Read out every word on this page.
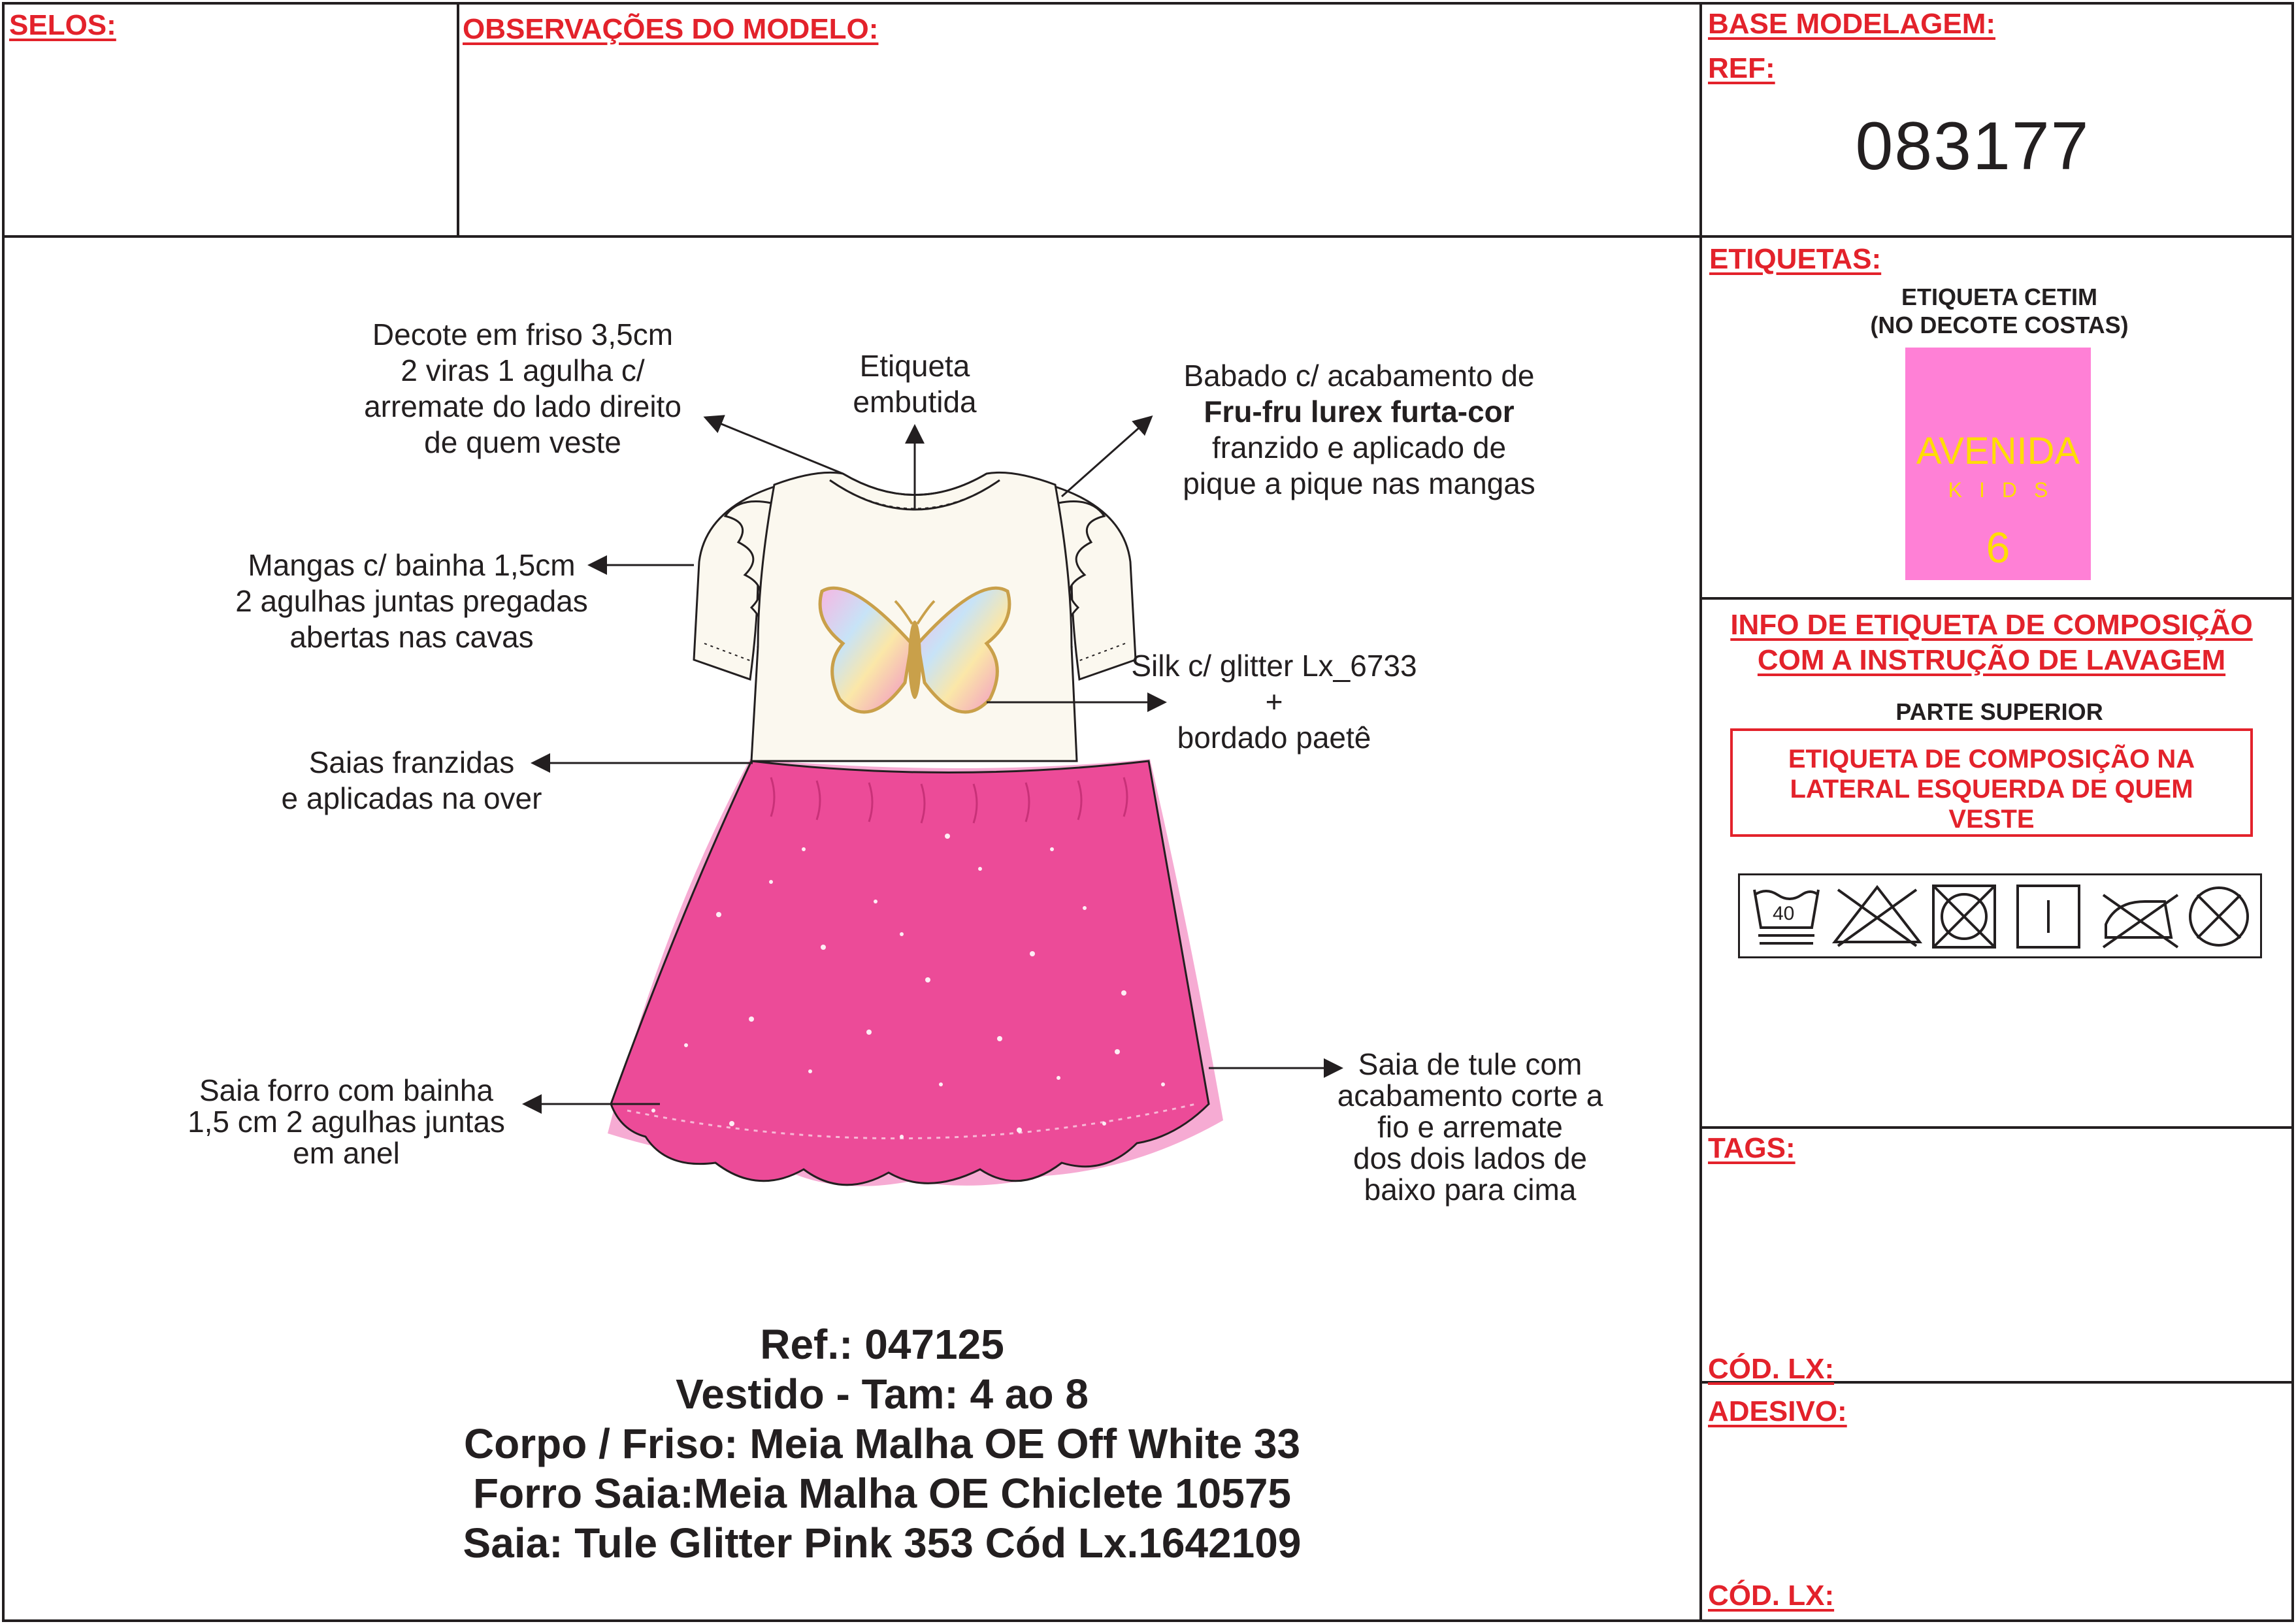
SELOS:	OBSERVAÇÕES DO MODELO:	BASE MODELAGEM:
REF:
083177
Decote em friso 3,5cm
2 viras 1 agulha c/
arremate do lado direito
de quem veste
Etiqueta
embutida
Babado c/ acabamento de
Fru-fru lurex furta-cor
franzido e aplicado de
pique a pique nas mangas
Mangas c/ bainha 1,5cm
2 agulhas juntas pregadas
abertas nas cavas
Silk c/ glitter Lx_6733
+
bordado paetê
Saias franzidas
e aplicadas na over
Saia forro com bainha
1,5 cm 2 agulhas juntas
em anel
Saia de tule com
acabamento corte a
fio e arremate
dos dois lados de
baixo para cima
Ref.: 047125
Vestido - Tam: 4 ao 8
Corpo / Friso: Meia Malha OE Off White 33
Forro Saia:Meia Malha OE Chiclete 10575
Saia: Tule Glitter Pink 353 Cód Lx.1642109
ETIQUETAS:
ETIQUETA CETIM
(NO DECOTE COSTAS)
AVENIDA
KIDS
6
INFO DE ETIQUETA DE COMPOSIÇÃO
COM A INSTRUÇÃO DE LAVAGEM
PARTE SUPERIOR
ETIQUETA DE COMPOSIÇÃO NA
LATERAL ESQUERDA DE QUEM
VESTE
40
TAGS:
CÓD. LX:
ADESIVO:
CÓD. LX:
